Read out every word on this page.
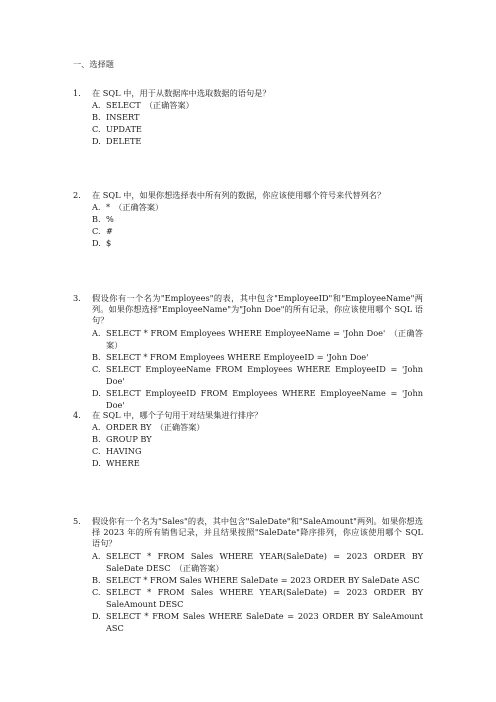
一、选择题
1.	在 SQL 中，用于从数据库中选取数据的语句是？
A. SELECT （正确答案）
B. INSERT
C. UPDATE
D. DELETE
2.	在 SQL 中，如果你想选择表中所有列的数据，你应该使用哪个符号来代替列名？
A. * （正确答案）
B. %
C. #
D. $
3.	假设你有一个名为"Employees"的表，其中包含"EmployeeID"和"EmployeeName"两列。如果你想选择"EmployeeName"为"John Doe"的所有记录，你应该使用哪个 SQL 语句？
A. SELECT * FROM Employees WHERE EmployeeName = 'John Doe' （正确答案）
B. SELECT * FROM Employees WHERE EmployeeID = 'John Doe'
C. SELECT EmployeeName FROM Employees WHERE EmployeeID = 'John Doe'
D. SELECT EmployeeID FROM Employees WHERE EmployeeName = 'John Doe'
4.	在 SQL 中，哪个子句用于对结果集进行排序？
A. ORDER BY （正确答案）
B. GROUP BY
C. HAVING
D. WHERE
5.	假设你有一个名为"Sales"的表，其中包含"SaleDate"和"SaleAmount"两列。如果你想选择 2023 年的所有销售记录，并且结果按照"SaleDate"降序排列，你应该使用哪个 SQL 语句？
A. SELECT * FROM Sales WHERE YEAR(SaleDate) = 2023 ORDER BY SaleDate DESC （正确答案）
B. SELECT * FROM Sales WHERE SaleDate = 2023 ORDER BY SaleDate ASC
C. SELECT * FROM Sales WHERE YEAR(SaleDate) = 2023 ORDER BY SaleAmount DESC
D. SELECT * FROM Sales WHERE SaleDate = 2023 ORDER BY SaleAmount ASC
